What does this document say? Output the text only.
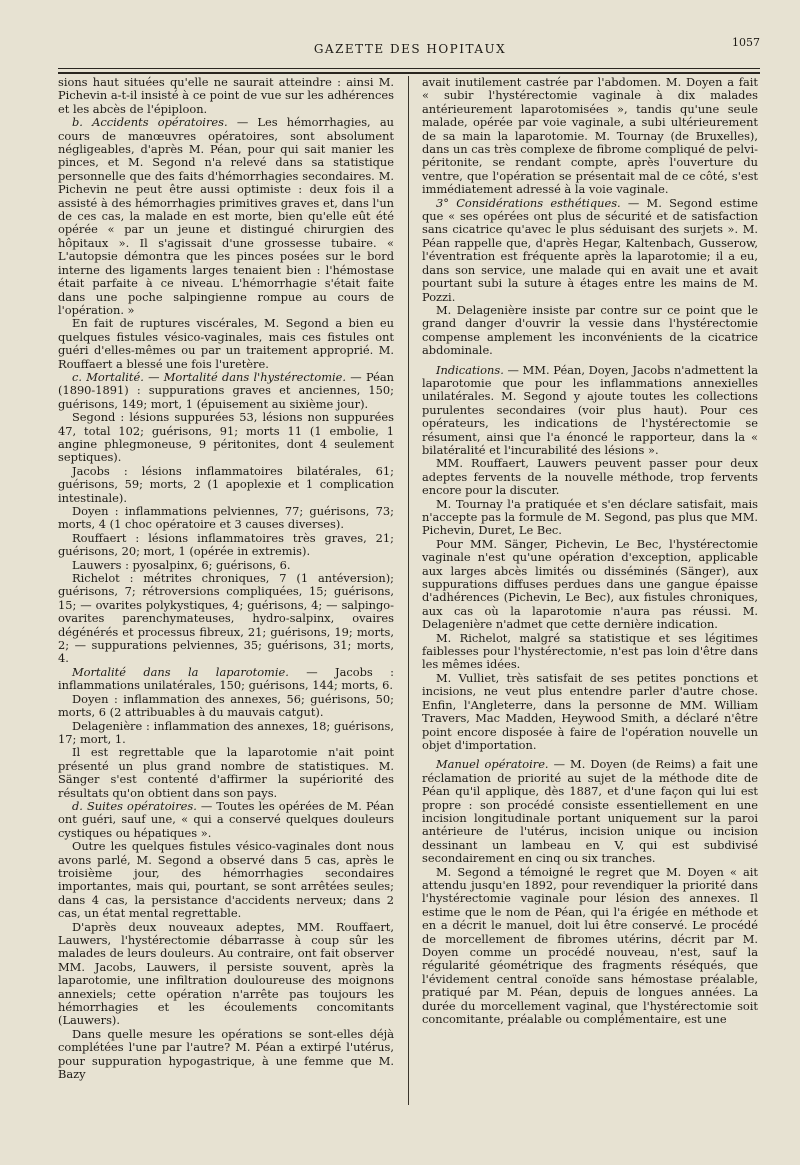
GAZETTE DES HOPITAUX	1057

sions haut situées qu'elle ne saurait atteindre : ainsi M. Pichevin a-t-il insisté à ce point de vue sur les adhérences et les abcès de l'épiploon.

b. Accidents opératoires. — Les hémorrhagies, au cours de manœuvres opératoires, sont absolument négligeables, d'après M. Péan, pour qui sait manier les pinces, et M. Segond n'a relevé dans sa statistique personnelle que des faits d'hémorrhagies secondaires. M. Pichevin ne peut être aussi optimiste : deux fois il a assisté à des hémorrhagies primitives graves et, dans l'un de ces cas, la malade en est morte, bien qu'elle eût été opérée « par un jeune et distingué chirurgien des hôpitaux ». Il s'agissait d'une grossesse tubaire. « L'autopsie démontra que les pinces posées sur le bord interne des ligaments larges tenaient bien : l'hémostase était parfaite à ce niveau. L'hémorrhagie s'était faite dans une poche salpingienne rompue au cours de l'opération. »

En fait de ruptures viscérales, M. Segond a bien eu quelques fistules vésico-vaginales, mais ces fistules ont guéri d'elles-mêmes ou par un traitement approprié. M. Rouffaert a blessé une fois l'uretère.

c. Mortalité. — Mortalité dans l'hystérectomie. — Péan (1890-1891) : suppurations graves et anciennes, 150; guérisons, 149; mort, 1 (épuisement au sixième jour).

Segond : lésions suppurées 53, lésions non suppurées 47, total 102; guérisons, 91; morts 11 (1 embolie, 1 angine phlegmoneuse, 9 péritonites, dont 4 seulement septiques).

Jacobs : lésions inflammatoires bilatérales, 61; guérisons, 59; morts, 2 (1 apoplexie et 1 complication intestinale).

Doyen : inflammations pelviennes, 77; guérisons, 73; morts, 4 (1 choc opératoire et 3 causes diverses).

Rouffaert : lésions inflammatoires très graves, 21; guérisons, 20; mort, 1 (opérée in extremis).

Lauwers : pyosalpinx, 6; guérisons, 6.

Richelot : métrites chroniques, 7 (1 antéversion); guérisons, 7; rétroversions compliquées, 15; guérisons, 15; — ovarites polykystiques, 4; guérisons, 4; — salpingo-ovarites parenchymateuses, hydro-salpinx, ovaires dégénérés et processus fibreux, 21; guérisons, 19; morts, 2; — suppurations pelviennes, 35; guérisons, 31; morts, 4.

Mortalité dans la laparotomie. — Jacobs : inflammations unilatérales, 150; guérisons, 144; morts, 6.

Doyen : inflammation des annexes, 56; guérisons, 50; morts, 6 (2 attribuables à du mauvais catgut).

Delagenière : inflammation des annexes, 18; guérisons, 17; mort, 1.

Il est regrettable que la laparotomie n'ait point présenté un plus grand nombre de statistiques. M. Sänger s'est contenté d'affirmer la supériorité des résultats qu'on obtient dans son pays.

d. Suites opératoires. — Toutes les opérées de M. Péan ont guéri, sauf une, « qui a conservé quelques douleurs cystiques ou hépatiques ».

Outre les quelques fistules vésico-vaginales dont nous avons parlé, M. Segond a observé dans 5 cas, après le troisième jour, des hémorrhagies secondaires importantes, mais qui, pourtant, se sont arrêtées seules; dans 4 cas, la persistance d'accidents nerveux; dans 2 cas, un état mental regrettable.

D'après deux nouveaux adeptes, MM. Rouffaert, Lauwers, l'hystérectomie débarrasse à coup sûr les malades de leurs douleurs. Au contraire, ont fait observer MM. Jacobs, Lauwers, il persiste souvent, après la laparotomie, une infiltration douloureuse des moignons annexiels; cette opération n'arrête pas toujours les hémorrhagies et les écoulements concomitants (Lauwers).

Dans quelle mesure les opérations se sont-elles déjà complétées l'une par l'autre? M. Péan a extirpé l'utérus, pour suppuration hypogastrique, à une femme que M. Bazy

avait inutilement castrée par l'abdomen. M. Doyen a fait « subir l'hystérectomie vaginale à dix malades antérieurement laparotomisées », tandis qu'une seule malade, opérée par voie vaginale, a subi ultérieurement de sa main la laparotomie. M. Tournay (de Bruxelles), dans un cas très complexe de fibrome compliqué de pelvi-péritonite, se rendant compte, après l'ouverture du ventre, que l'opération se présentait mal de ce côté, s'est immédiatement adressé à la voie vaginale.

3° Considérations esthétiques. — M. Segond estime que « ses opérées ont plus de sécurité et de satisfaction sans cicatrice qu'avec le plus séduisant des surjets ». M. Péan rappelle que, d'après Hegar, Kaltenbach, Gusserow, l'éventration est fréquente après la laparotomie; il a eu, dans son service, une malade qui en avait une et avait pourtant subi la suture à étages entre les mains de M. Pozzi.

M. Delagenière insiste par contre sur ce point que le grand danger d'ouvrir la vessie dans l'hystérectomie compense amplement les inconvénients de la cicatrice abdominale.

Indications. — MM. Péan, Doyen, Jacobs n'admettent la laparotomie que pour les inflammations annexielles unilatérales. M. Segond y ajoute toutes les collections purulentes secondaires (voir plus haut). Pour ces opérateurs, les indications de l'hystérectomie se résument, ainsi que l'a énoncé le rapporteur, dans la « bilatéralité et l'incurabilité des lésions ».

MM. Rouffaert, Lauwers peuvent passer pour deux adeptes fervents de la nouvelle méthode, trop fervents encore pour la discuter.

M. Tournay l'a pratiquée et s'en déclare satisfait, mais n'accepte pas la formule de M. Segond, pas plus que MM. Pichevin, Duret, Le Bec.

Pour MM. Sänger, Pichevin, Le Bec, l'hystérectomie vaginale n'est qu'une opération d'exception, applicable aux larges abcès limités ou disséminés (Sänger), aux suppurations diffuses perdues dans une gangue épaisse d'adhérences (Pichevin, Le Bec), aux fistules chroniques, aux cas où la laparotomie n'aura pas réussi. M. Delagenière n'admet que cette dernière indication.

M. Richelot, malgré sa statistique et ses légitimes faiblesses pour l'hystérectomie, n'est pas loin d'être dans les mêmes idées.

M. Vulliet, très satisfait de ses petites ponctions et incisions, ne veut plus entendre parler d'autre chose. Enfin, l'Angleterre, dans la personne de MM. William Travers, Mac Madden, Heywood Smith, a déclaré n'être point encore disposée à faire de l'opération nouvelle un objet d'importation.

Manuel opératoire. — M. Doyen (de Reims) a fait une réclamation de priorité au sujet de la méthode dite de Péan qu'il applique, dès 1887, et d'une façon qui lui est propre : son procédé consiste essentiellement en une incision longitudinale portant uniquement sur la paroi antérieure de l'utérus, incision unique ou incision dessinant un lambeau en V, qui est subdivisé secondairement en cinq ou six tranches.

M. Segond a témoigné le regret que M. Doyen « ait attendu jusqu'en 1892, pour revendiquer la priorité dans l'hystérectomie vaginale pour lésion des annexes. Il estime que le nom de Péan, qui l'a érigée en méthode et en a décrit le manuel, doit lui être conservé. Le procédé de morcellement de fibromes utérins, décrit par M. Doyen comme un procédé nouveau, n'est, sauf la régularité géométrique des fragments réséqués, que l'évidement central conoïde sans hémostase préalable, pratiqué par M. Péan, depuis de longues années. La durée du morcellement vaginal, que l'hystérectomie soit concomitante, préalable ou complémentaire, est une
